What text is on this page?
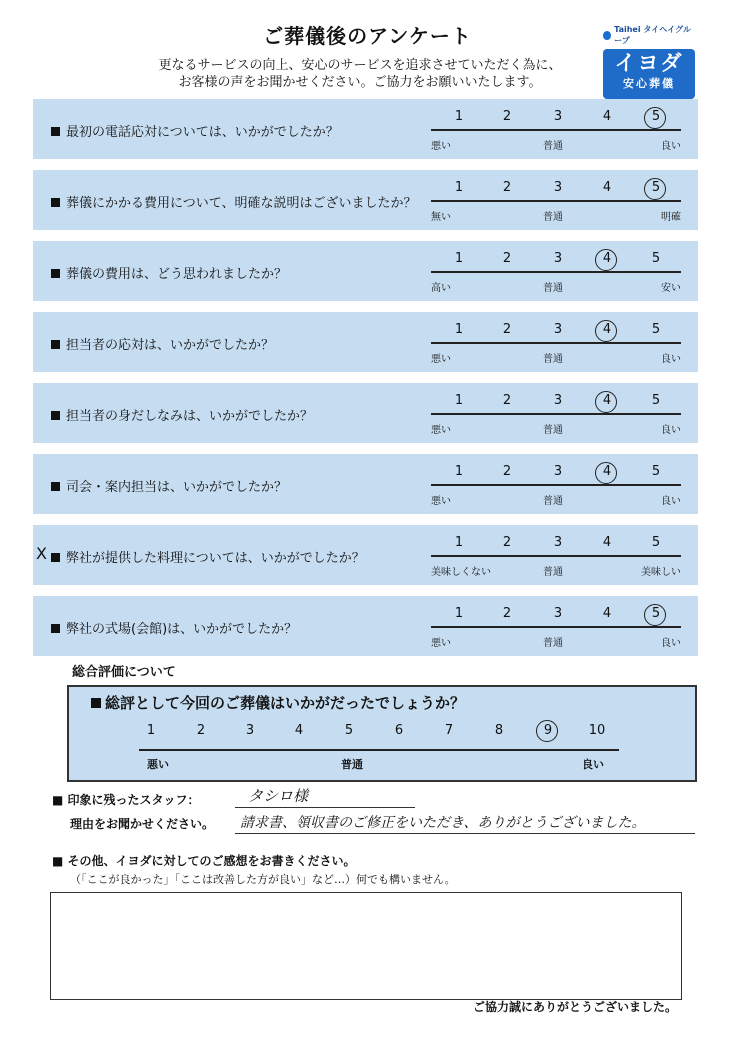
ご葬儀後のアンケート
更なるサービスの向上、安心のサービスを追求させていただく為に、
お客様の声をお聞かせください。ご協力をお願いいたします。
Taihei タイヘイグループ
イヨダ
安心葬儀
最初の電話応対については、いかがでしたか？
1	2	3	4	5
悪い	普通	良い
葬儀にかかる費用について、明確な説明はございましたか？
1	2	3	4	5
無い	普通	明確
葬儀の費用は、どう思われましたか？
1	2	3	4	5
高い	普通	安い
担当者の応対は、いかがでしたか？
1	2	3	4	5
悪い	普通	良い
担当者の身だしなみは、いかがでしたか？
1	2	3	4	5
悪い	普通	良い
司会・案内担当は、いかがでしたか？
1	2	3	4	5
悪い	普通	良い
弊社が提供した料理については、いかがでしたか？
X
1	2	3	4	5
美味しくない	普通	美味しい
弊社の式場(会館)は、いかがでしたか？
1	2	3	4	5
悪い	普通	良い
総合評価について
総評として今回のご葬儀はいかがだったでしょうか？
悪い	普通	良い
1	2	3	4	5	6	7	8	9	10
■ 印象に残ったスタッフ：	タシロ様
理由をお聞かせください。 請求書、領収書のご修正をいただき、ありがとうございました。
■ その他、イヨダに対してのご感想をお書きください。
（「ここが良かった」「ここは改善した方が良い」など…）何でも構いません。
ご協力誠にありがとうございました。
